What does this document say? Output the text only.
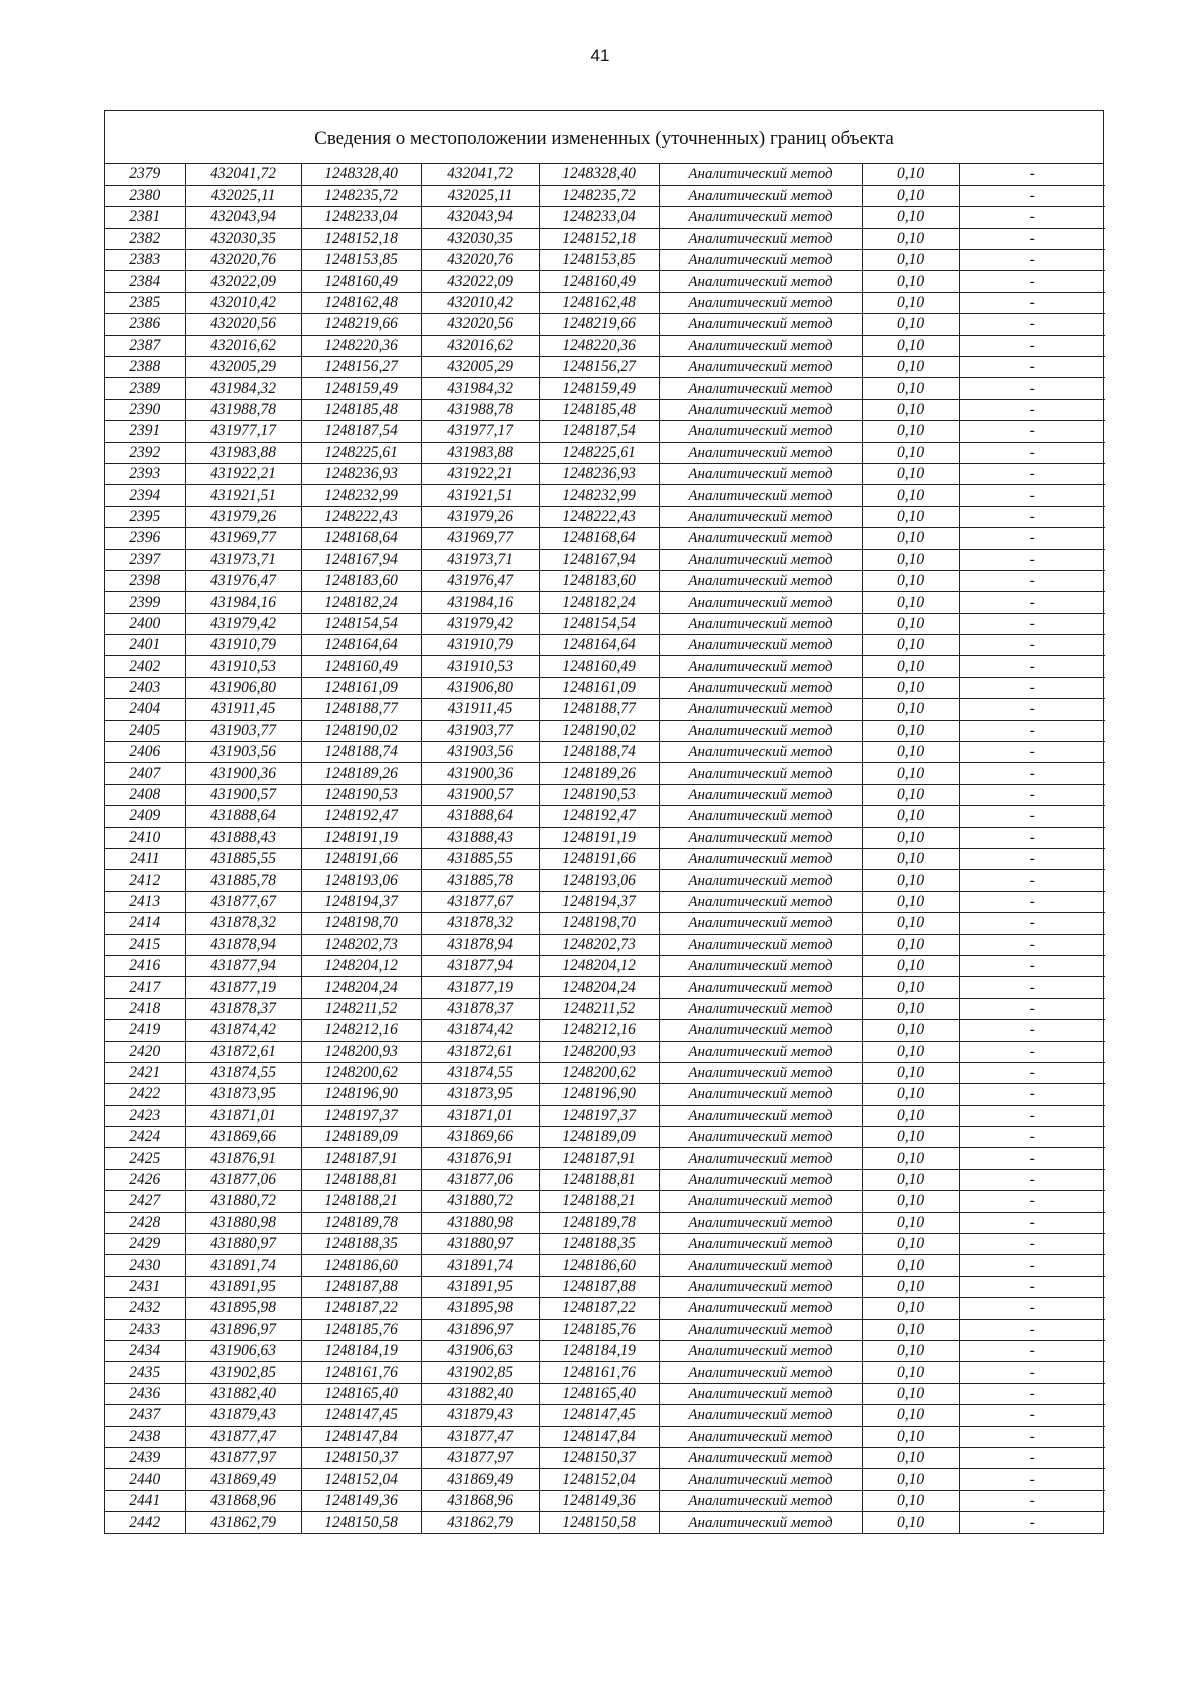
41
Сведения о местоположении измененных (уточненных) границ объекта
2379	432041,72	1248328,40	432041,72	1248328,40	Аналитический метод	0,10	-
2380	432025,11	1248235,72	432025,11	1248235,72	Аналитический метод	0,10	-
2381	432043,94	1248233,04	432043,94	1248233,04	Аналитический метод	0,10	-
2382	432030,35	1248152,18	432030,35	1248152,18	Аналитический метод	0,10	-
2383	432020,76	1248153,85	432020,76	1248153,85	Аналитический метод	0,10	-
2384	432022,09	1248160,49	432022,09	1248160,49	Аналитический метод	0,10	-
2385	432010,42	1248162,48	432010,42	1248162,48	Аналитический метод	0,10	-
2386	432020,56	1248219,66	432020,56	1248219,66	Аналитический метод	0,10	-
2387	432016,62	1248220,36	432016,62	1248220,36	Аналитический метод	0,10	-
2388	432005,29	1248156,27	432005,29	1248156,27	Аналитический метод	0,10	-
2389	431984,32	1248159,49	431984,32	1248159,49	Аналитический метод	0,10	-
2390	431988,78	1248185,48	431988,78	1248185,48	Аналитический метод	0,10	-
2391	431977,17	1248187,54	431977,17	1248187,54	Аналитический метод	0,10	-
2392	431983,88	1248225,61	431983,88	1248225,61	Аналитический метод	0,10	-
2393	431922,21	1248236,93	431922,21	1248236,93	Аналитический метод	0,10	-
2394	431921,51	1248232,99	431921,51	1248232,99	Аналитический метод	0,10	-
2395	431979,26	1248222,43	431979,26	1248222,43	Аналитический метод	0,10	-
2396	431969,77	1248168,64	431969,77	1248168,64	Аналитический метод	0,10	-
2397	431973,71	1248167,94	431973,71	1248167,94	Аналитический метод	0,10	-
2398	431976,47	1248183,60	431976,47	1248183,60	Аналитический метод	0,10	-
2399	431984,16	1248182,24	431984,16	1248182,24	Аналитический метод	0,10	-
2400	431979,42	1248154,54	431979,42	1248154,54	Аналитический метод	0,10	-
2401	431910,79	1248164,64	431910,79	1248164,64	Аналитический метод	0,10	-
2402	431910,53	1248160,49	431910,53	1248160,49	Аналитический метод	0,10	-
2403	431906,80	1248161,09	431906,80	1248161,09	Аналитический метод	0,10	-
2404	431911,45	1248188,77	431911,45	1248188,77	Аналитический метод	0,10	-
2405	431903,77	1248190,02	431903,77	1248190,02	Аналитический метод	0,10	-
2406	431903,56	1248188,74	431903,56	1248188,74	Аналитический метод	0,10	-
2407	431900,36	1248189,26	431900,36	1248189,26	Аналитический метод	0,10	-
2408	431900,57	1248190,53	431900,57	1248190,53	Аналитический метод	0,10	-
2409	431888,64	1248192,47	431888,64	1248192,47	Аналитический метод	0,10	-
2410	431888,43	1248191,19	431888,43	1248191,19	Аналитический метод	0,10	-
2411	431885,55	1248191,66	431885,55	1248191,66	Аналитический метод	0,10	-
2412	431885,78	1248193,06	431885,78	1248193,06	Аналитический метод	0,10	-
2413	431877,67	1248194,37	431877,67	1248194,37	Аналитический метод	0,10	-
2414	431878,32	1248198,70	431878,32	1248198,70	Аналитический метод	0,10	-
2415	431878,94	1248202,73	431878,94	1248202,73	Аналитический метод	0,10	-
2416	431877,94	1248204,12	431877,94	1248204,12	Аналитический метод	0,10	-
2417	431877,19	1248204,24	431877,19	1248204,24	Аналитический метод	0,10	-
2418	431878,37	1248211,52	431878,37	1248211,52	Аналитический метод	0,10	-
2419	431874,42	1248212,16	431874,42	1248212,16	Аналитический метод	0,10	-
2420	431872,61	1248200,93	431872,61	1248200,93	Аналитический метод	0,10	-
2421	431874,55	1248200,62	431874,55	1248200,62	Аналитический метод	0,10	-
2422	431873,95	1248196,90	431873,95	1248196,90	Аналитический метод	0,10	-
2423	431871,01	1248197,37	431871,01	1248197,37	Аналитический метод	0,10	-
2424	431869,66	1248189,09	431869,66	1248189,09	Аналитический метод	0,10	-
2425	431876,91	1248187,91	431876,91	1248187,91	Аналитический метод	0,10	-
2426	431877,06	1248188,81	431877,06	1248188,81	Аналитический метод	0,10	-
2427	431880,72	1248188,21	431880,72	1248188,21	Аналитический метод	0,10	-
2428	431880,98	1248189,78	431880,98	1248189,78	Аналитический метод	0,10	-
2429	431880,97	1248188,35	431880,97	1248188,35	Аналитический метод	0,10	-
2430	431891,74	1248186,60	431891,74	1248186,60	Аналитический метод	0,10	-
2431	431891,95	1248187,88	431891,95	1248187,88	Аналитический метод	0,10	-
2432	431895,98	1248187,22	431895,98	1248187,22	Аналитический метод	0,10	-
2433	431896,97	1248185,76	431896,97	1248185,76	Аналитический метод	0,10	-
2434	431906,63	1248184,19	431906,63	1248184,19	Аналитический метод	0,10	-
2435	431902,85	1248161,76	431902,85	1248161,76	Аналитический метод	0,10	-
2436	431882,40	1248165,40	431882,40	1248165,40	Аналитический метод	0,10	-
2437	431879,43	1248147,45	431879,43	1248147,45	Аналитический метод	0,10	-
2438	431877,47	1248147,84	431877,47	1248147,84	Аналитический метод	0,10	-
2439	431877,97	1248150,37	431877,97	1248150,37	Аналитический метод	0,10	-
2440	431869,49	1248152,04	431869,49	1248152,04	Аналитический метод	0,10	-
2441	431868,96	1248149,36	431868,96	1248149,36	Аналитический метод	0,10	-
2442	431862,79	1248150,58	431862,79	1248150,58	Аналитический метод	0,10	-
